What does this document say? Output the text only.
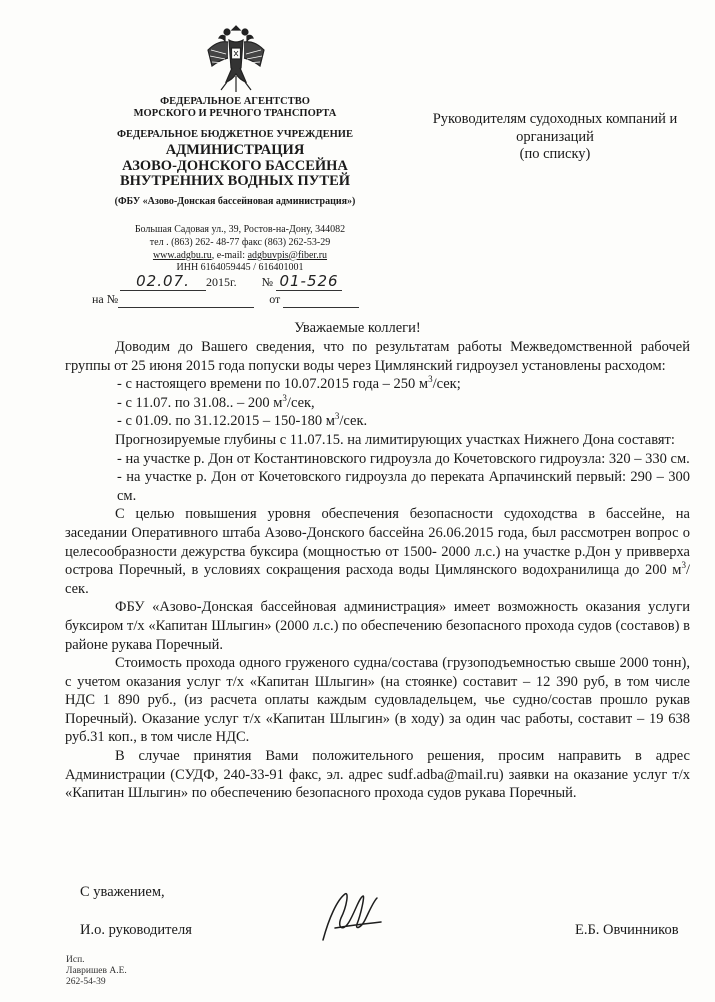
ФЕДЕРАЛЬНОЕ АГЕНТСТВО
МОРСКОГО И РЕЧНОГО ТРАНСПОРТА
ФЕДЕРАЛЬНОЕ БЮДЖЕТНОЕ УЧРЕЖДЕНИЕ
АДМИНИСТРАЦИЯ
АЗОВО-ДОНСКОГО БАССЕЙНА
ВНУТРЕННИХ ВОДНЫХ ПУТЕЙ
(ФБУ «Азово-Донская бассейновая администрация»)
Большая Садовая ул., 39, Ростов-на-Дону, 344082
тел . (863) 262- 48-77 факс (863) 262-53-29
www.adgbu.ru, e-mail: adgbuvpis@fiber.ru
ИНН 6164059445 / 616401001
02.07. 2015г. № 01-526
на №	от
Руководителям судоходных компаний и
организаций
(по списку)
Уважаемые коллеги!

Доводим до Вашего сведения, что по результатам работы Межведомственной рабочей группы от 25 июня 2015 года попуски воды через Цимлянский гидроузел установлены расходом:

- с настоящего времени по 10.07.2015 года – 250 $м^3$/сек;

- с 11.07. по 31.08.. – 200 $м^3$/сек,

- с 01.09. по 31.12.2015 – 150-180 $м^3$/сек.

Прогнозируемые глубины с 11.07.15. на лимитирующих участках Нижнего Дона составят:

- на участке р. Дон от Костантиновского гидроузла до Кочетовского гидроузла: 320 – 330 см.

- на участке р. Дон от Кочетовского гидроузла до переката Арпачинский первый: 290 – 300 см.

С целью повышения уровня обеспечения безопасности судоходства в бассейне, на заседании Оперативного штаба Азово-Донского бассейна 26.06.2015 года, был рассмотрен вопрос о целесообразности дежурства буксира (мощностью от 1500- 2000 л.с.) на участке р.Дон у привверха острова Поречный, в условиях сокращения расхода воды Цимлянского водохранилища до 200 $м^3$/сек.

ФБУ «Азово-Донская бассейновая администрация» имеет возможность оказания услуги буксиром т/х «Капитан Шлыгин» (2000 л.с.) по обеспечению безопасного прохода судов (составов) в районе рукава Поречный.

Стоимость прохода одного груженого судна/состава (грузоподъемностью свыше 2000 тонн), с учетом оказания услуг т/х «Капитан Шлыгин» (на стоянке) составит – 12 390 руб, в том числе НДС 1 890 руб., (из расчета оплаты каждым судовладельцем, чье судно/состав прошло рукав Поречный). Оказание услуг т/х «Капитан Шлыгин» (в ходу) за один час работы, составит – 19 638 руб.31 коп., в том числе НДС.

В случае принятия Вами положительного решения, просим направить в адрес Администрации (СУДФ, 240-33-91 факс, эл. адрес sudf.adba@mail.ru) заявки на оказание услуг т/х «Капитан Шлыгин» по обеспечению безопасного прохода судов рукава Поречный.

С уважением,
И.о. руководителя	Е.Б. Овчинников
Исп.
Лавришев А.Е.
262-54-39
